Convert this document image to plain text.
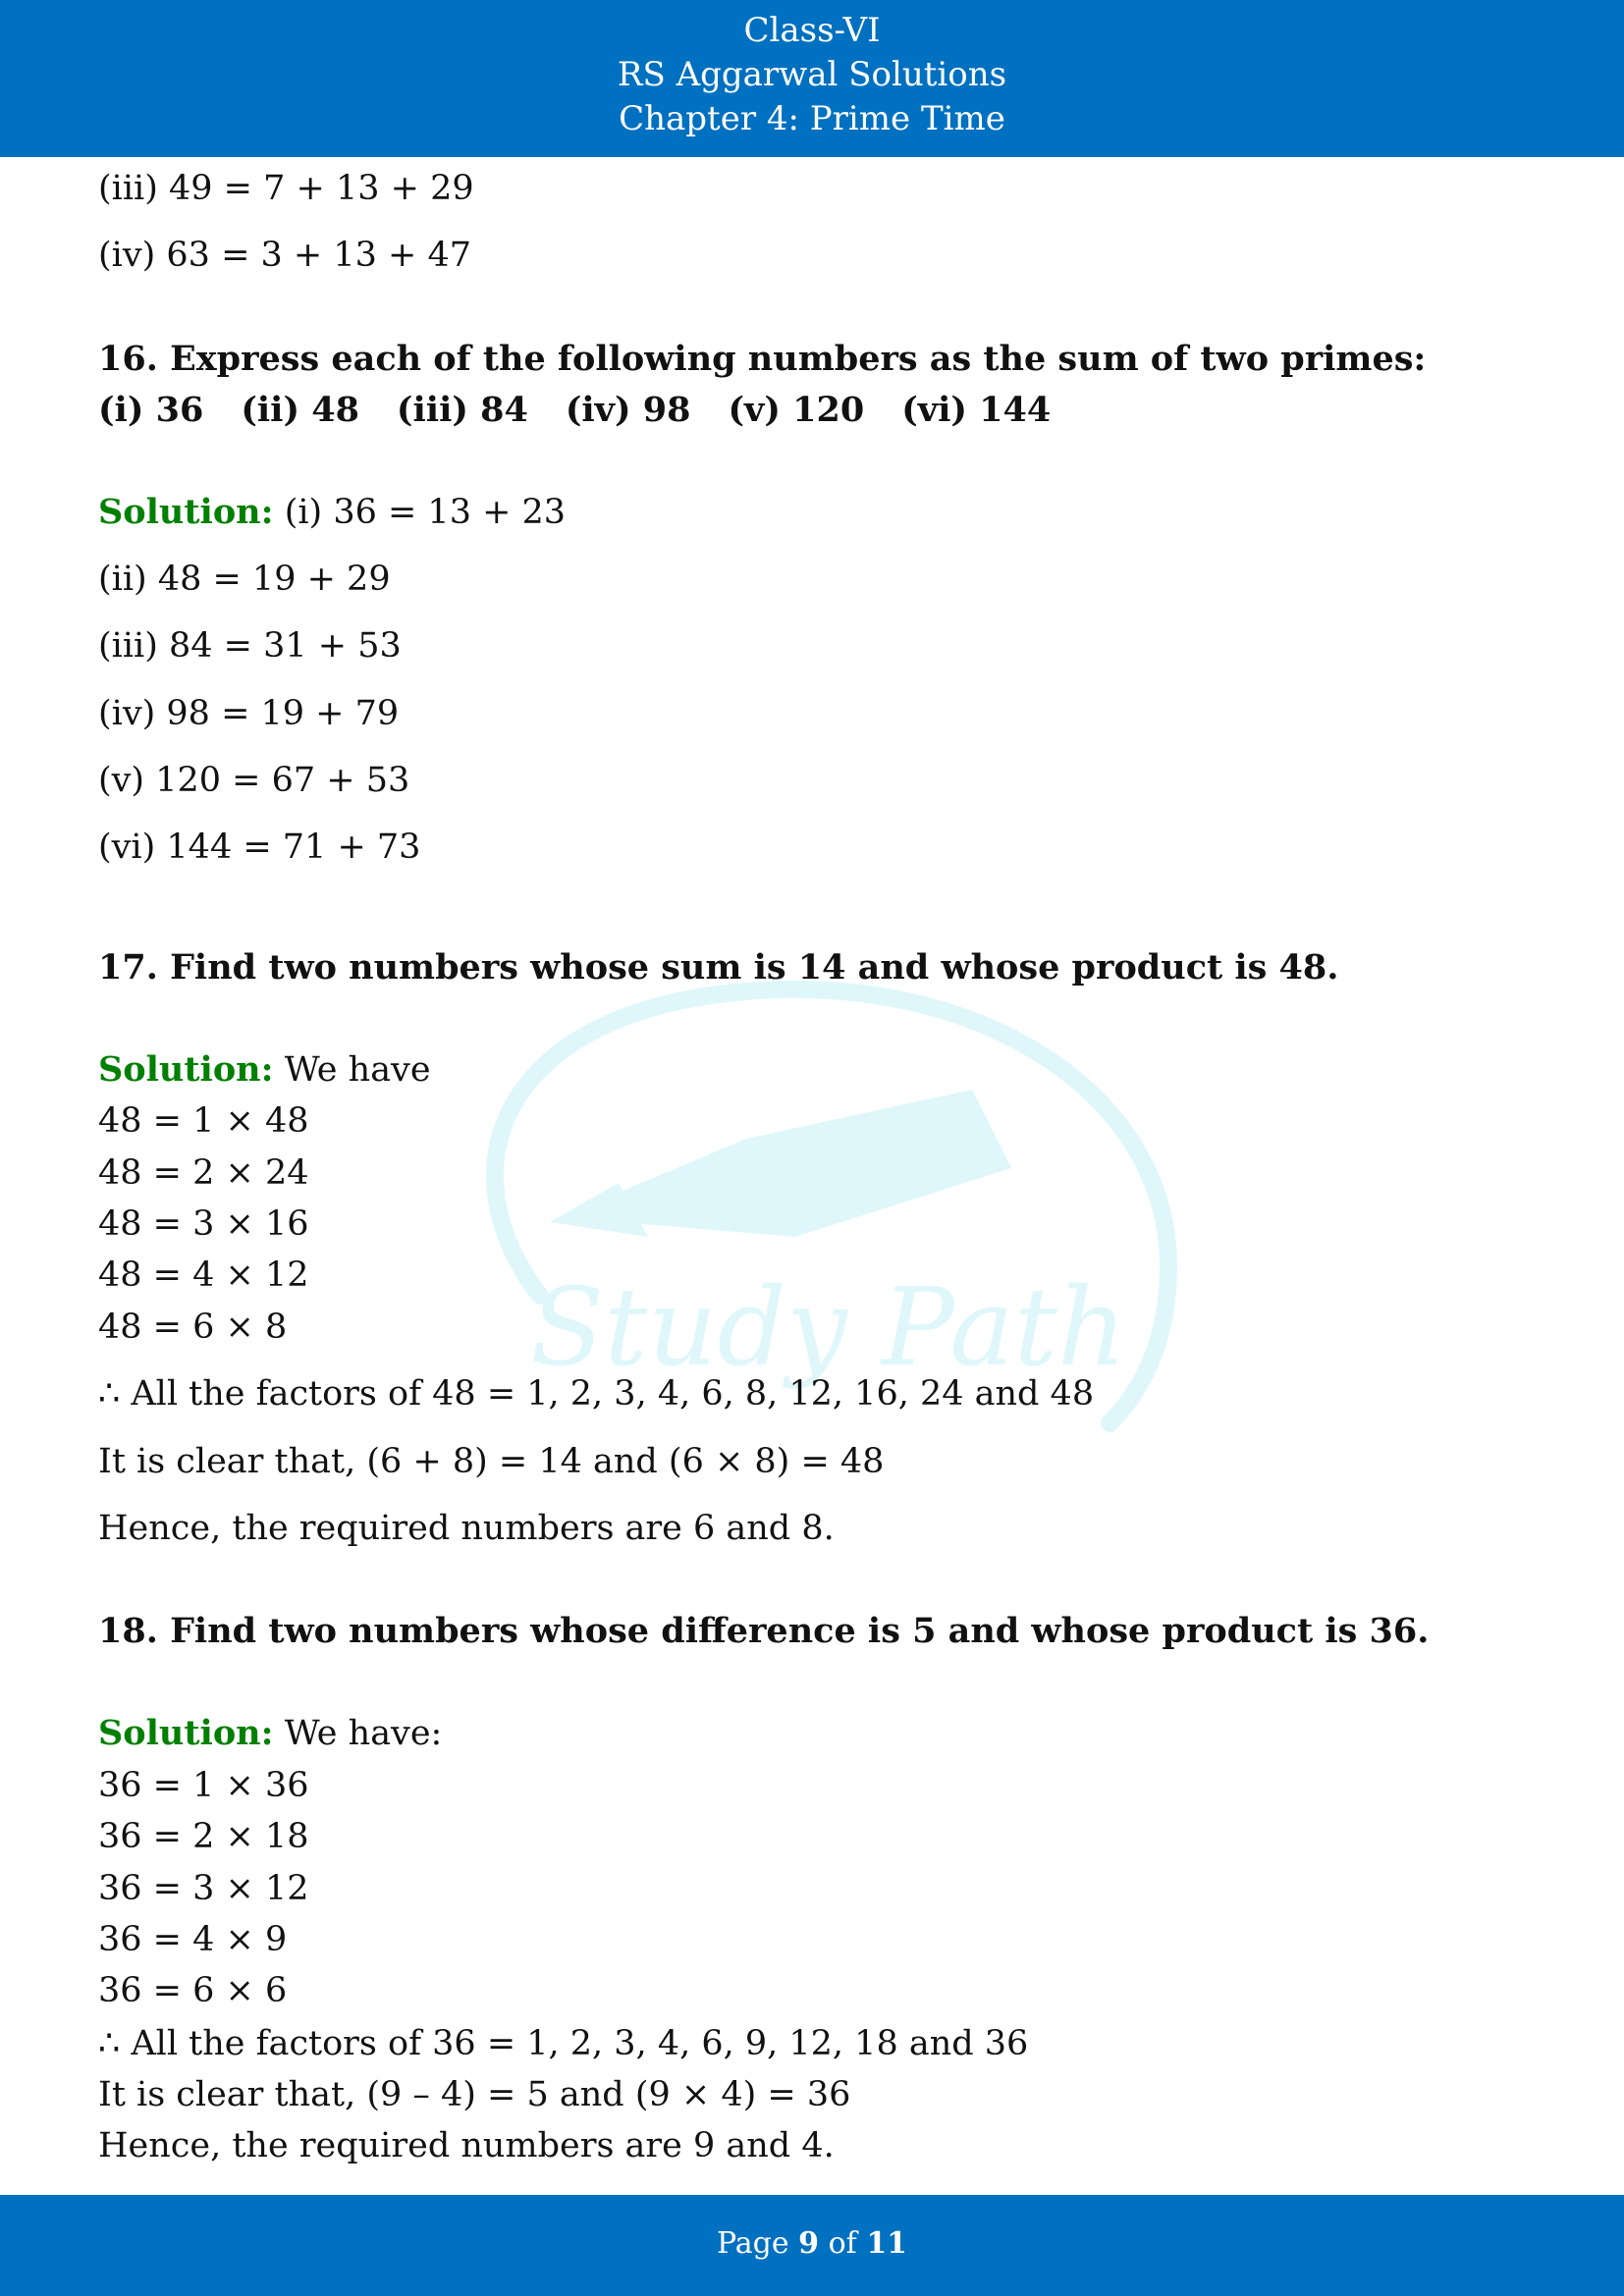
Class-VI
RS Aggarwal Solutions
Chapter 4: Prime Time
Study Path
(iii) 49 = 7 + 13 + 29
(iv) 63 = 3 + 13 + 47
16. Express each of the following numbers as the sum of two primes:
(i) 36 (ii) 48 (iii) 84 (iv) 98 (v) 120 (vi) 144
Solution: (i) 36 = 13 + 23
(ii) 48 = 19 + 29
(iii) 84 = 31 + 53
(iv) 98 = 19 + 79
(v) 120 = 67 + 53
(vi) 144 = 71 + 73
17. Find two numbers whose sum is 14 and whose product is 48.
Solution: We have
48 = 1 × 48
48 = 2 × 24
48 = 3 × 16
48 = 4 × 12
48 = 6 × 8
∴ All the factors of 48 = 1, 2, 3, 4, 6, 8, 12, 16, 24 and 48
It is clear that, (6 + 8) = 14 and (6 × 8) = 48
Hence, the required numbers are 6 and 8.
18. Find two numbers whose difference is 5 and whose product is 36.
Solution: We have:
36 = 1 × 36
36 = 2 × 18
36 = 3 × 12
36 = 4 × 9
36 = 6 × 6
∴ All the factors of 36 = 1, 2, 3, 4, 6, 9, 12, 18 and 36
It is clear that, (9 – 4) = 5 and (9 × 4) = 36
Hence, the required numbers are 9 and 4.
Page 9 of 11
